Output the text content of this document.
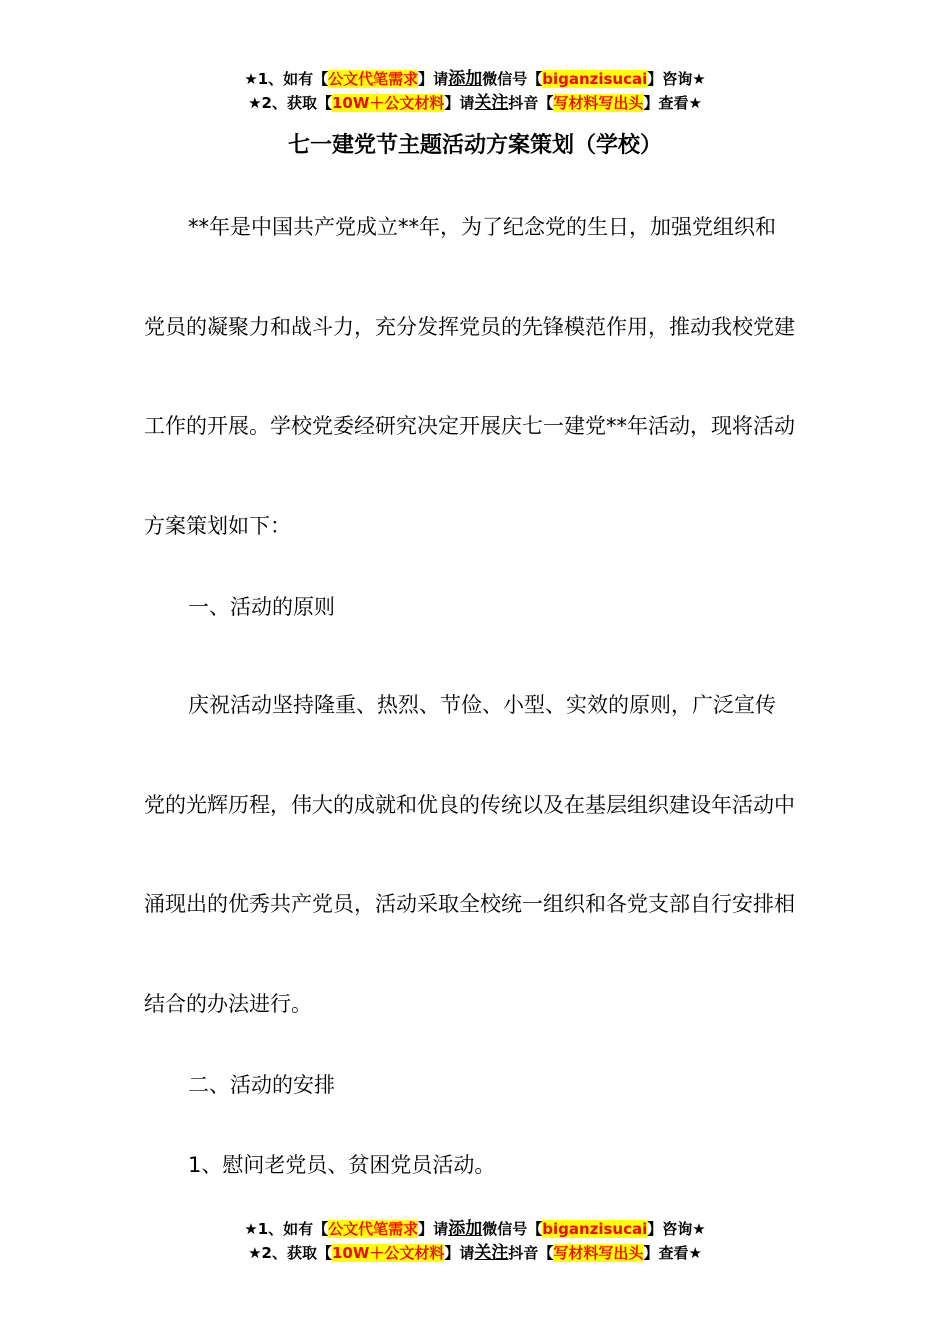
★1、如有【公文代笔需求】请添加微信号【biganzisucai】咨询★
★2、获取【10W＋公文材料】请关注抖音【写材料写出头】查看★
七一建党节主题活动方案策划（学校）

**年是中国共产党成立**年，为了纪念党的生日，加强党组织和党员的凝聚力和战斗力，充分发挥党员的先锋模范作用，推动我校党建工作的开展。学校党委经研究决定开展庆七一建党**年活动，现将活动方案策划如下：

一、活动的原则

庆祝活动坚持隆重、热烈、节俭、小型、实效的原则，广泛宣传党的光辉历程，伟大的成就和优良的传统以及在基层组织建设年活动中涌现出的优秀共产党员，活动采取全校统一组织和各党支部自行安排相结合的办法进行。

二、活动的安排

1、慰问老党员、贫困党员活动。

★1、如有【公文代笔需求】请添加微信号【biganzisucai】咨询★
★2、获取【10W＋公文材料】请关注抖音【写材料写出头】查看★
